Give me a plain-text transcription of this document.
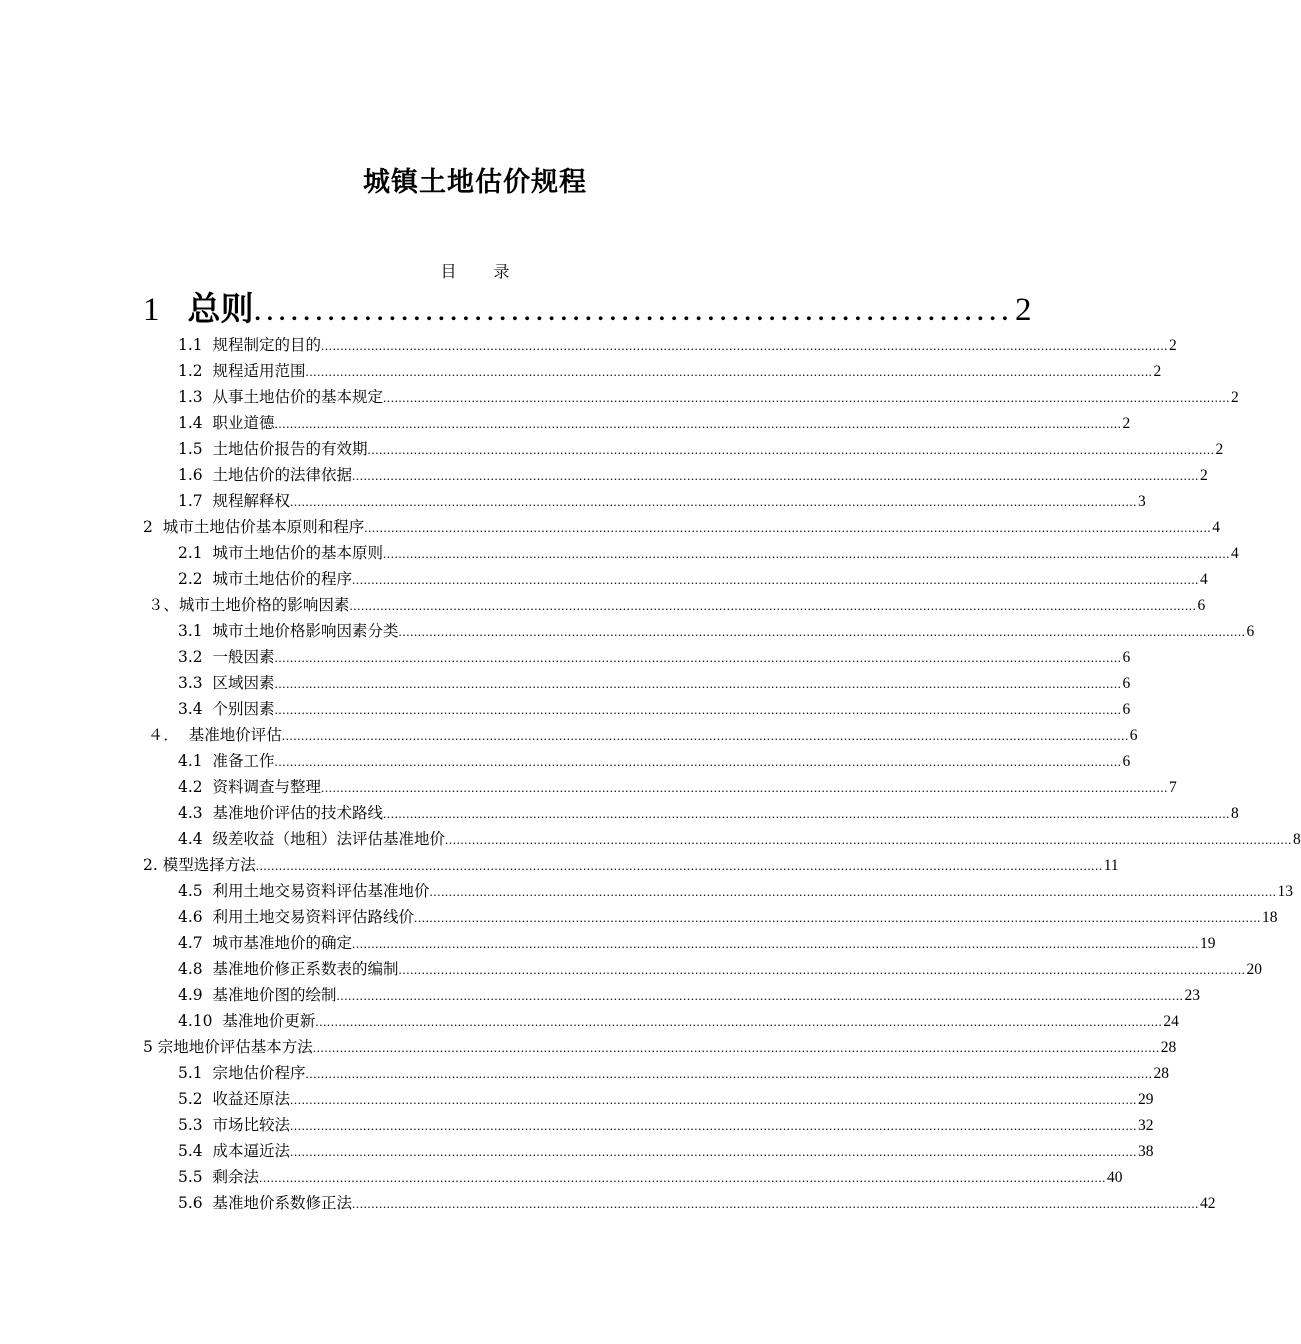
城镇土地估价规程
目 录
1 总则 .............................................................. 2
1.1  规程制定的目的 ............................................................................................................................................................................................................................ 2
1.2  规程适用范围 ............................................................................................................................................................................................................................ 2
1.3  从事土地估价的基本规定 ............................................................................................................................................................................................................................ 2
1.4  职业道德 ............................................................................................................................................................................................................................ 2
1.5  土地估价报告的有效期 ............................................................................................................................................................................................................................ 2
1.6  土地估价的法律依据 ............................................................................................................................................................................................................................ 2
1.7  规程解释权 ............................................................................................................................................................................................................................ 3
2  城市土地估价基本原则和程序 ............................................................................................................................................................................................................................ 4
2.1  城市土地估价的基本原则 ............................................................................................................................................................................................................................ 4
2.2  城市土地估价的程序 ............................................................................................................................................................................................................................ 4
３、城市土地价格的影响因素 ............................................................................................................................................................................................................................ 6
3.1  城市土地价格影响因素分类 ............................................................................................................................................................................................................................ 6
3.2  一般因素 ............................................................................................................................................................................................................................ 6
3.3  区域因素 ............................................................................................................................................................................................................................ 6
3.4  个别因素 ............................................................................................................................................................................................................................ 6
４．  基准地价评估 ............................................................................................................................................................................................................................ 6
4.1  准备工作 ............................................................................................................................................................................................................................ 6
4.2  资料调查与整理 ............................................................................................................................................................................................................................ 7
4.3  基准地价评估的技术路线 ............................................................................................................................................................................................................................ 8
4.4  级差收益（地租）法评估基准地价 ............................................................................................................................................................................................................................ 8
2. 模型选择方法 ............................................................................................................................................................................................................................ 11
4.5  利用土地交易资料评估基准地价 ............................................................................................................................................................................................................................ 13
4.6  利用土地交易资料评估路线价 ............................................................................................................................................................................................................................ 18
4.7  城市基准地价的确定 ............................................................................................................................................................................................................................ 19
4.8  基准地价修正系数表的编制 ............................................................................................................................................................................................................................ 20
4.9  基准地价图的绘制 ............................................................................................................................................................................................................................ 23
4.10  基准地价更新 ............................................................................................................................................................................................................................ 24
5 宗地地价评估基本方法 ............................................................................................................................................................................................................................ 28
5.1  宗地估价程序 ............................................................................................................................................................................................................................ 28
5.2  收益还原法 ............................................................................................................................................................................................................................ 29
5.3  市场比较法 ............................................................................................................................................................................................................................ 32
5.4  成本逼近法 ............................................................................................................................................................................................................................ 38
5.5  剩余法 ............................................................................................................................................................................................................................ 40
5.6  基准地价系数修正法 ............................................................................................................................................................................................................................ 42
